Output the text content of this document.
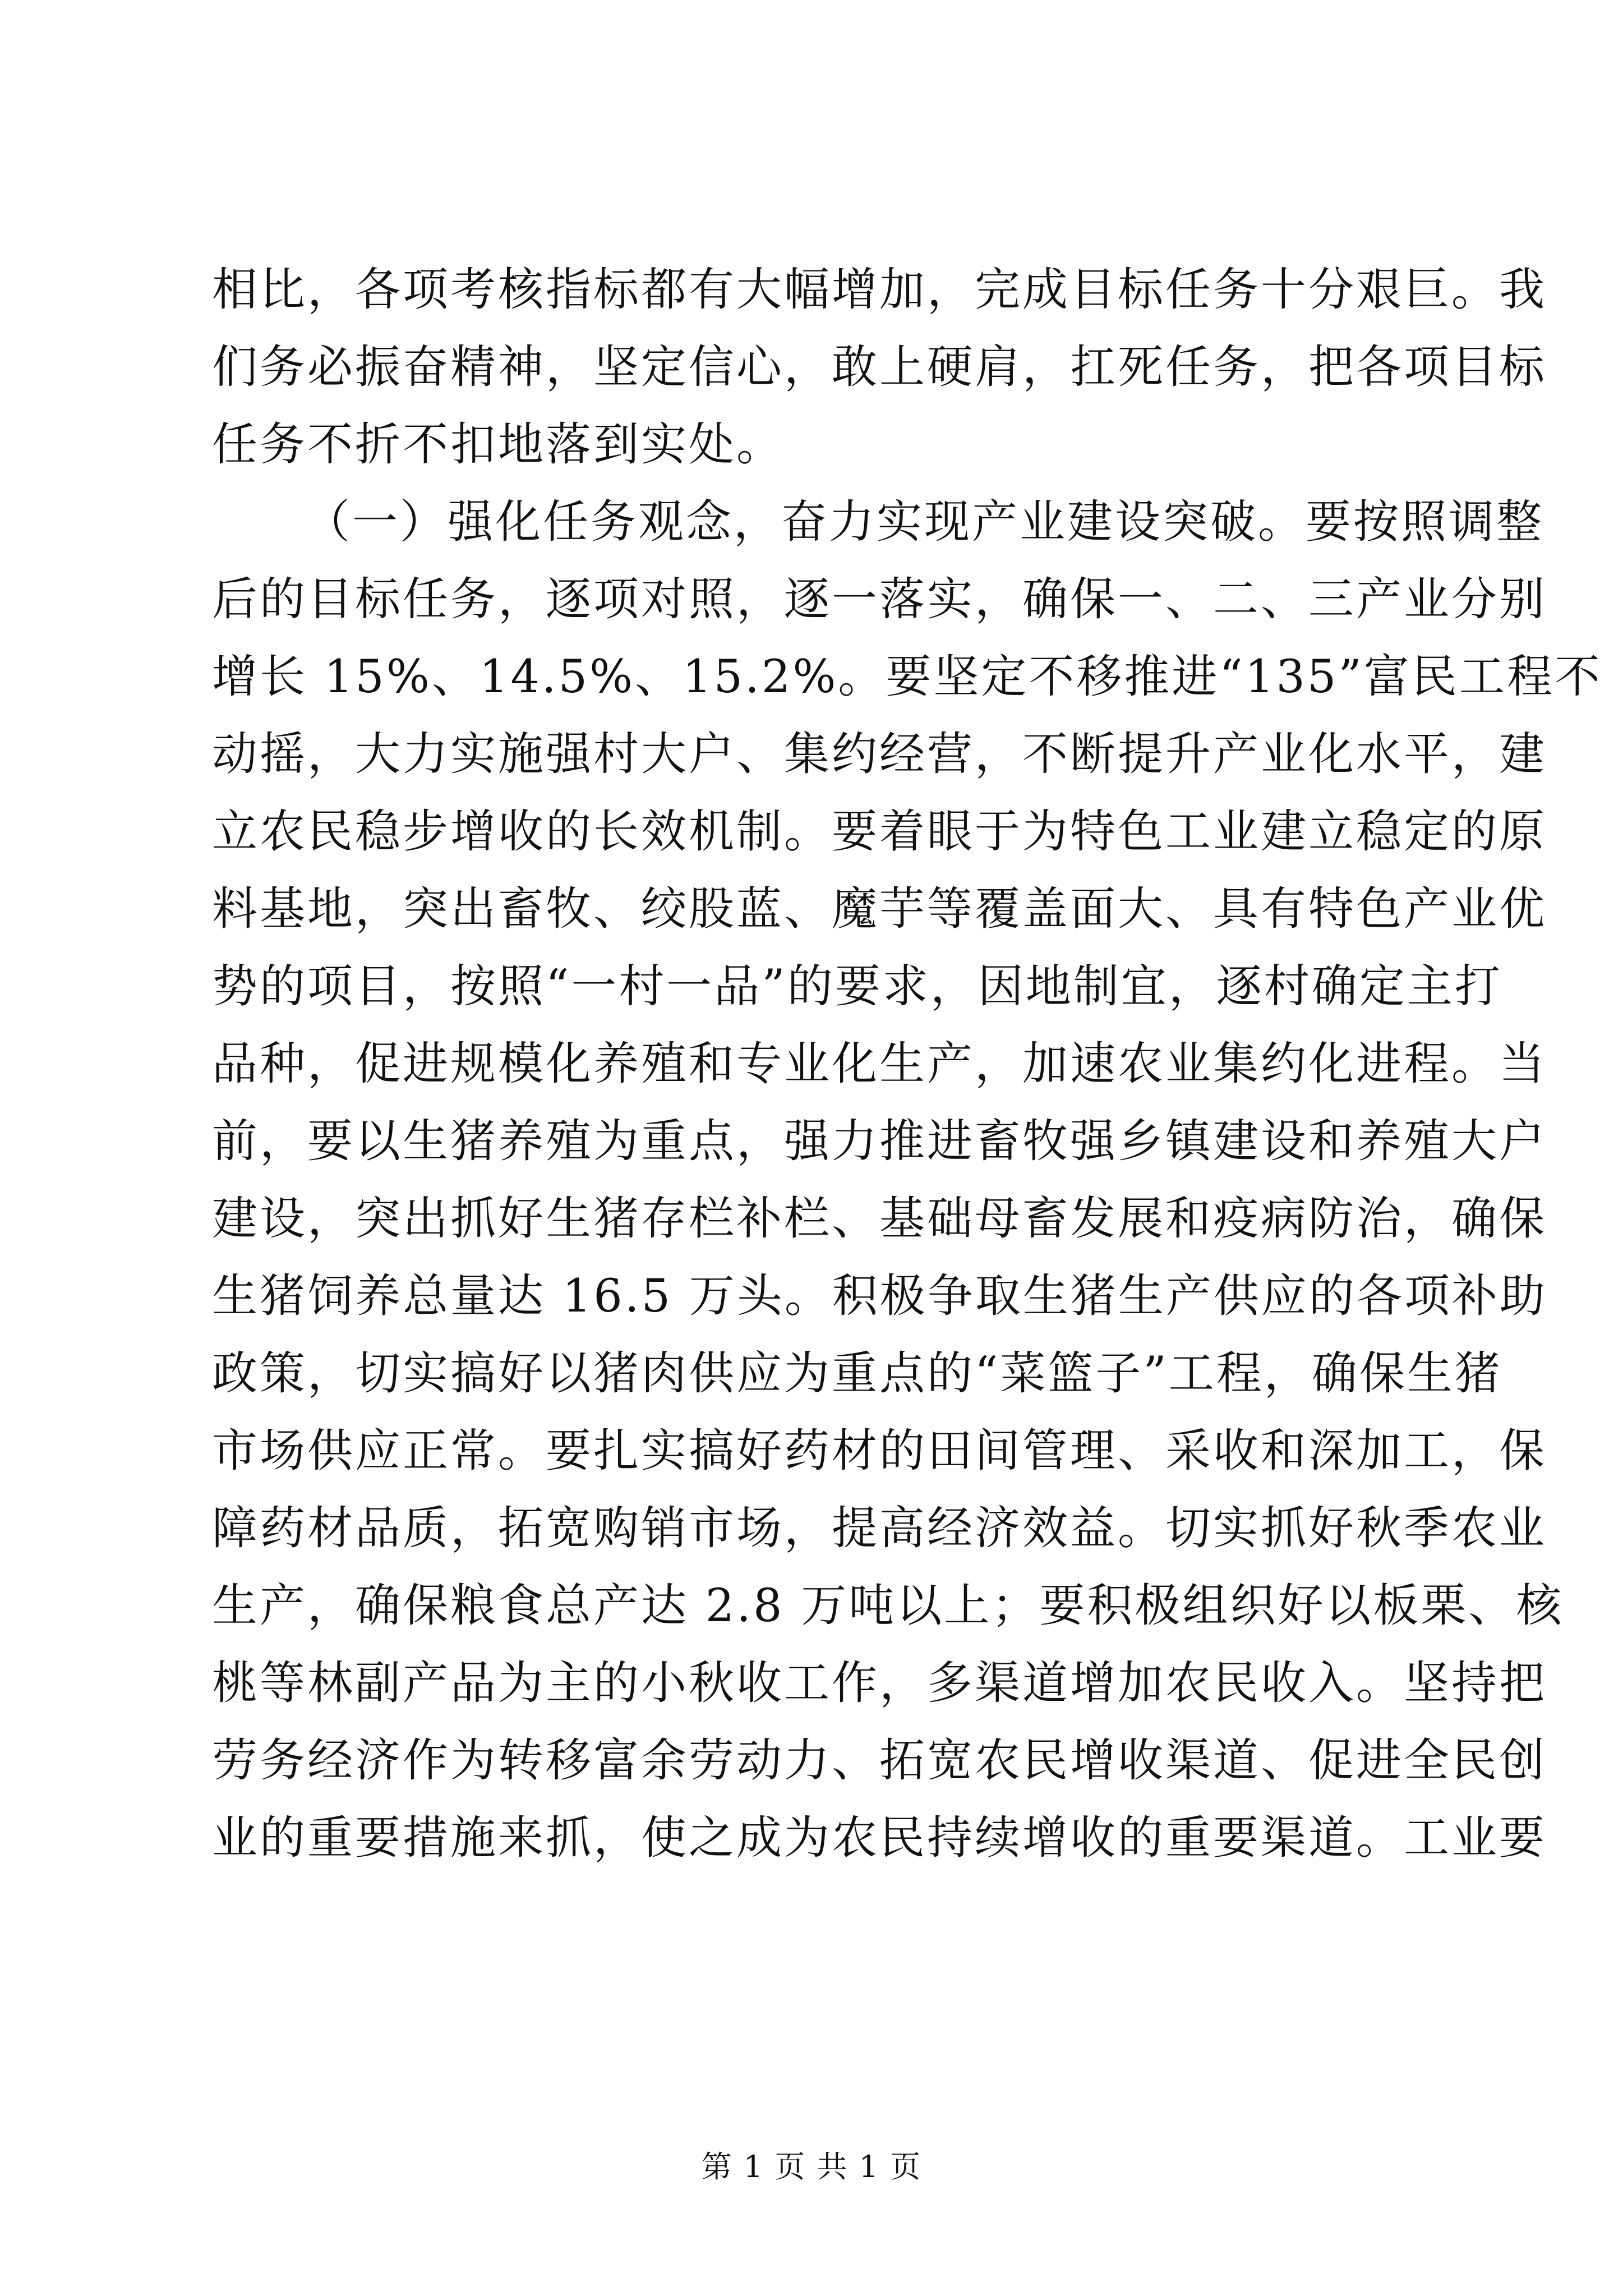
相比，各项考核指标都有大幅增加，完成目标任务十分艰巨。我
们务必振奋精神，坚定信心，敢上硬肩，扛死任务，把各项目标
任务不折不扣地落到实处。
（一）强化任务观念，奋力实现产业建设突破。要按照调整
后的目标任务，逐项对照，逐一落实，确保一、二、三产业分别
增长 15%、14.5%、15.2%。要坚定不移推进“135”富民工程不
动摇，大力实施强村大户、集约经营，不断提升产业化水平，建
立农民稳步增收的长效机制。要着眼于为特色工业建立稳定的原
料基地，突出畜牧、绞股蓝、魔芋等覆盖面大、具有特色产业优
势的项目，按照“一村一品”的要求，因地制宜，逐村确定主打
品种，促进规模化养殖和专业化生产，加速农业集约化进程。当
前，要以生猪养殖为重点，强力推进畜牧强乡镇建设和养殖大户
建设，突出抓好生猪存栏补栏、基础母畜发展和疫病防治，确保
生猪饲养总量达 16.5 万头。积极争取生猪生产供应的各项补助
政策，切实搞好以猪肉供应为重点的“菜篮子”工程，确保生猪
市场供应正常。要扎实搞好药材的田间管理、采收和深加工，保
障药材品质，拓宽购销市场，提高经济效益。切实抓好秋季农业
生产，确保粮食总产达 2.8 万吨以上；要积极组织好以板栗、核
桃等林副产品为主的小秋收工作，多渠道增加农民收入。坚持把
劳务经济作为转移富余劳动力、拓宽农民增收渠道、促进全民创
业的重要措施来抓，使之成为农民持续增收的重要渠道。工业要
第 1 页 共 1 页
